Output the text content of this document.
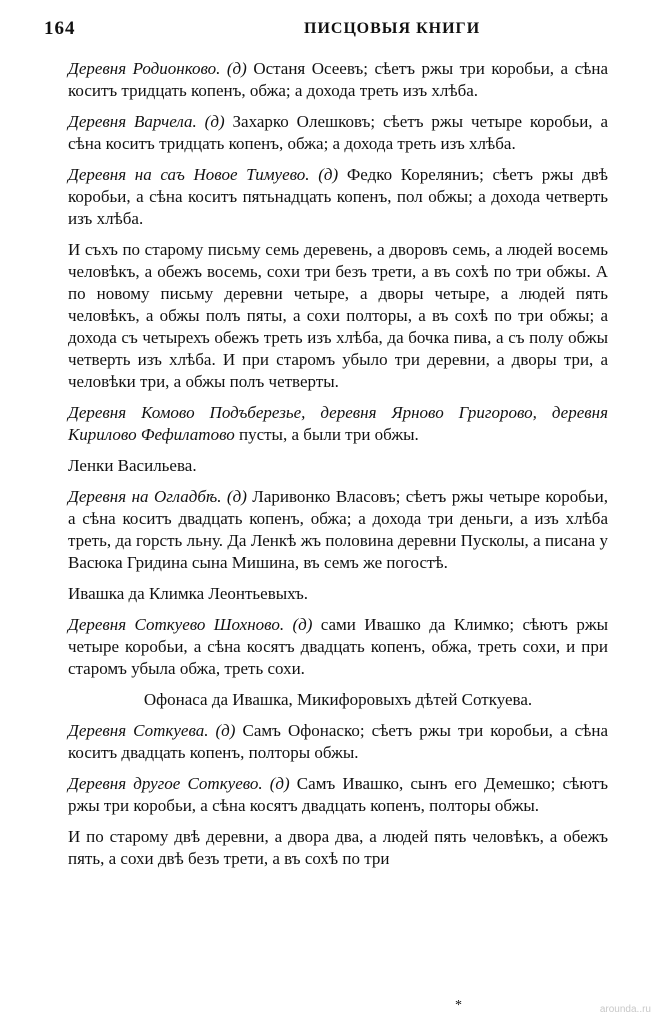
164	ПИСЦОВЫЯ КНИГИ

Деревня Родионково. (д) Останя Осеевъ; сѣетъ ржы три коробьи, а сѣна коситъ тридцать копенъ, обжа; а дохода треть изъ хлѣба.

Деревня Варчела. (д) Захарко Олешковъ; сѣетъ ржы четыре коробьи, а сѣна коситъ тридцать копенъ, обжа; а дохода треть изъ хлѣба.

Деревня на саъ Новое Тимуево. (д) Федко Кореляниъ; сѣетъ ржы двѣ коробьи, а сѣна коситъ пятьнадцать копенъ, пол обжы; а дохода четверть изъ хлѣба.

И съхъ по старому письму семь деревень, а дворовъ семь, а людей восемь человѣкъ, а обежъ восемь, сохи три безъ трети, а въ сохѣ по три обжы. А по новому письму деревни четыре, а дворы четыре, а людей пять человѣкъ, а обжы полъ пяты, а сохи полторы, а въ сохѣ по три обжы; а дохода съ четырехъ обежъ треть изъ хлѣба, да бочка пива, а съ полу обжы четверть изъ хлѣба. И при старомъ убыло три деревни, а дворы три, а человѣки три, а обжы полъ четверты.

Деревня Комово Подъберезье, деревня Ярново Григорово, деревня Кирилово Фефилатово пусты, а были три обжы.

Ленки Васильева.

Деревня на Огладбѣ. (д) Ларивонко Власовъ; сѣетъ ржы четыре коробьи, а сѣна коситъ двадцать копенъ, обжа; а дохода три деньги, а изъ хлѣба треть, да горсть льну. Да Ленкѣ жъ половина деревни Пусколы, а писана у Васюка Гридина сына Мишина, въ семъ же погостѣ.

Ивашка да Климка Леонтьевыхъ.

Деревня Соткуево Шохново. (д) сами Ивашко да Климко; сѣютъ ржы четыре коробьи, а сѣна косятъ двадцать копенъ, обжа, треть сохи, и при старомъ убыла обжа, треть сохи.

Офонаса да Ивашка, Микифоровыхъ дѣтей Соткуева.

Деревня Соткуева. (д) Самъ Офонаско; сѣетъ ржы три коробьи, а сѣна коситъ двадцать копенъ, полторы обжы.

Деревня другое Соткуево. (д) Самъ Ивашко, сынъ его Демешко; сѣютъ ржы три коробьи, а сѣна косятъ двадцать копенъ, полторы обжы.

И по старому двѣ деревни, а двора два, а людей пять человѣкъ, а обежъ пять, а сохи двѣ безъ трети, а въ сохѣ по три

*	arounda..ru
